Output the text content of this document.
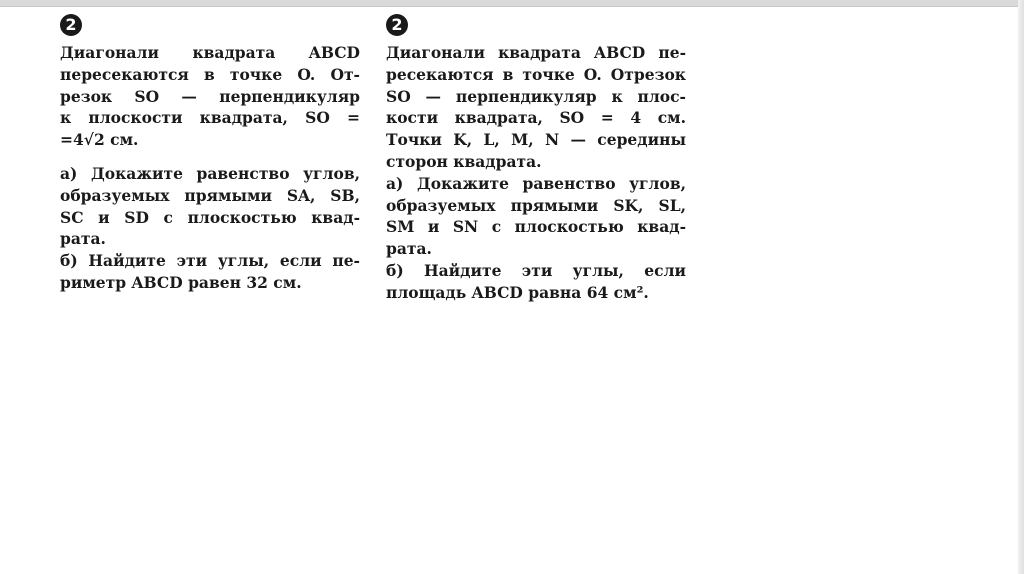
2
Диагонали квадрата ABCD
пересекаются в точке O. От-
резок SO — перпендикуляр
к плоскости квадрата, SO =
=4√2 см.
а) Докажите равенство углов,
образуемых прямыми SA, SB,
SC и SD с плоскостью квад-
рата.
б) Найдите эти углы, если пе-
риметр ABCD равен 32 см.
2
Диагонали квадрата ABCD пе-
ресекаются в точке O. Отрезок
SO — перпендикуляр к плос-
кости квадрата, SO = 4 см.
Точки K, L, M, N — середины
сторон квадрата.
а) Докажите равенство углов,
образуемых прямыми SK, SL,
SM и SN с плоскостью квад-
рата.
б) Найдите эти углы, если
площадь ABCD равна 64 см².
